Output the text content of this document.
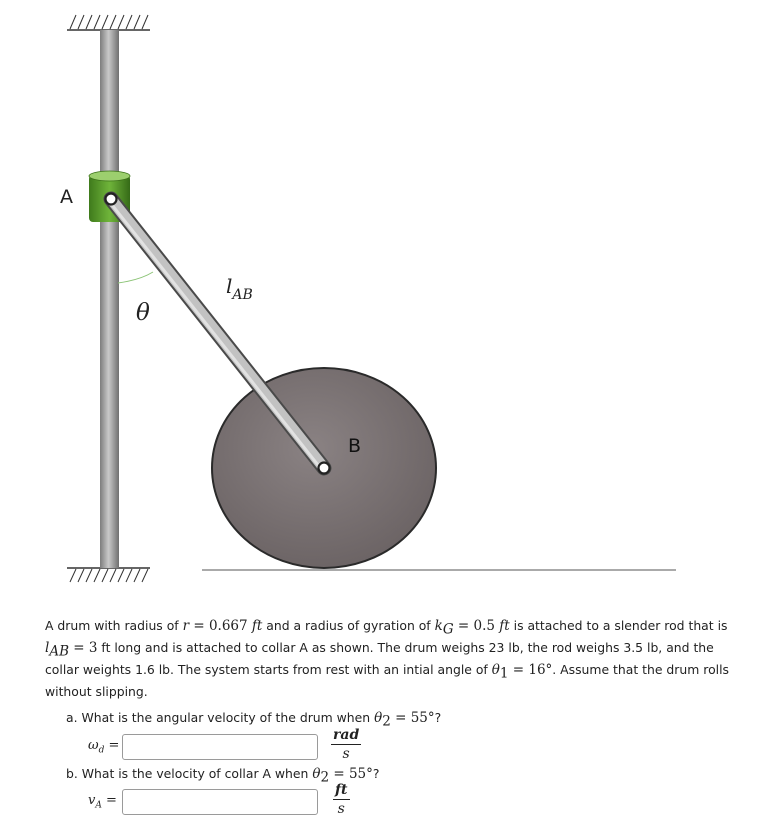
A
B
θ
$l_{AB}$
A drum with radius of r = 0.667 ft and a radius of gyration of $k_G = 0.5$ ft is attached to a slender rod that is $l_{AB} = 3$ ft long and is attached to collar A as shown. The drum weighs 23 lb, the rod weighs 3.5 lb, and the collar weights 1.6 lb. The system starts from rest with an intial angle of $\theta_1 = 16^\circ$. Assume that the drum rolls without slipping.
a. What is the angular velocity of the drum when $\theta_2 = 55^\circ$?
$\omega_d$ =
rad
s
b. What is the velocity of collar A when $\theta_2 = 55^\circ$?
$v_A$ =	$\frac{ft}{s}$
